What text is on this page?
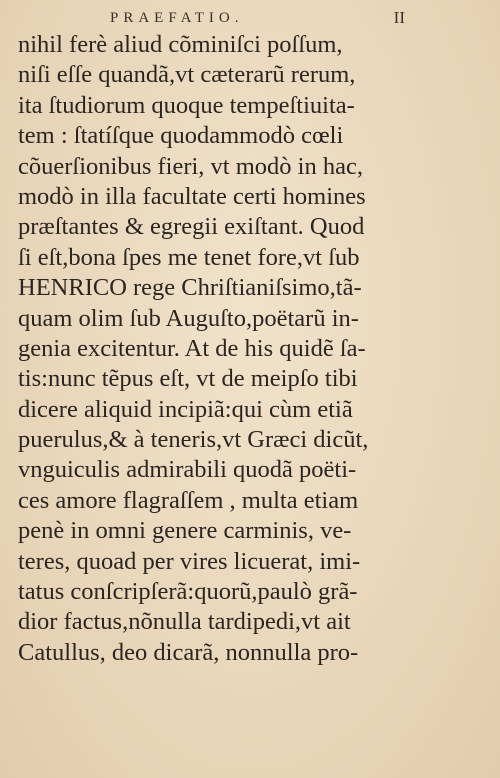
PRAEFATIO.	II
nihil ferè aliud cõminiſci poſſum,
niſi eſſe quandã,vt cæterarũ rerum,
ita ſtudiorum quoque tempeſtiuita-
tem : ſtatíſque quodammodò cœli
cõuerſionibus fieri, vt modò in hac,
modò in illa facultate certi homines
præſtantes & egregii exiſtant. Quod
ſi eſt,bona ſpes me tenet fore,vt ſub
HENRICO rege Chriſtianiſsimo,tã-
quam olim ſub Auguſto,poëtarũ in-
genia excitentur. At de his quidẽ ſa-
tis:nunc tẽpus eſt, vt de meipſo tibi
dicere aliquid incipiã:qui cùm etiã
puerulus,& à teneris,vt Græci dicũt,
vnguiculis admirabili quodã poëti-
ces amore flagraſſem , multa etiam
penè in omni genere carminis, ve-
teres, quoad per vires licuerat, imi-
tatus conſcripſerã:quorũ,paulò grã-
dior factus,nõnulla tardipedi,vt ait
Catullus, deo dicarã, nonnulla pro-
